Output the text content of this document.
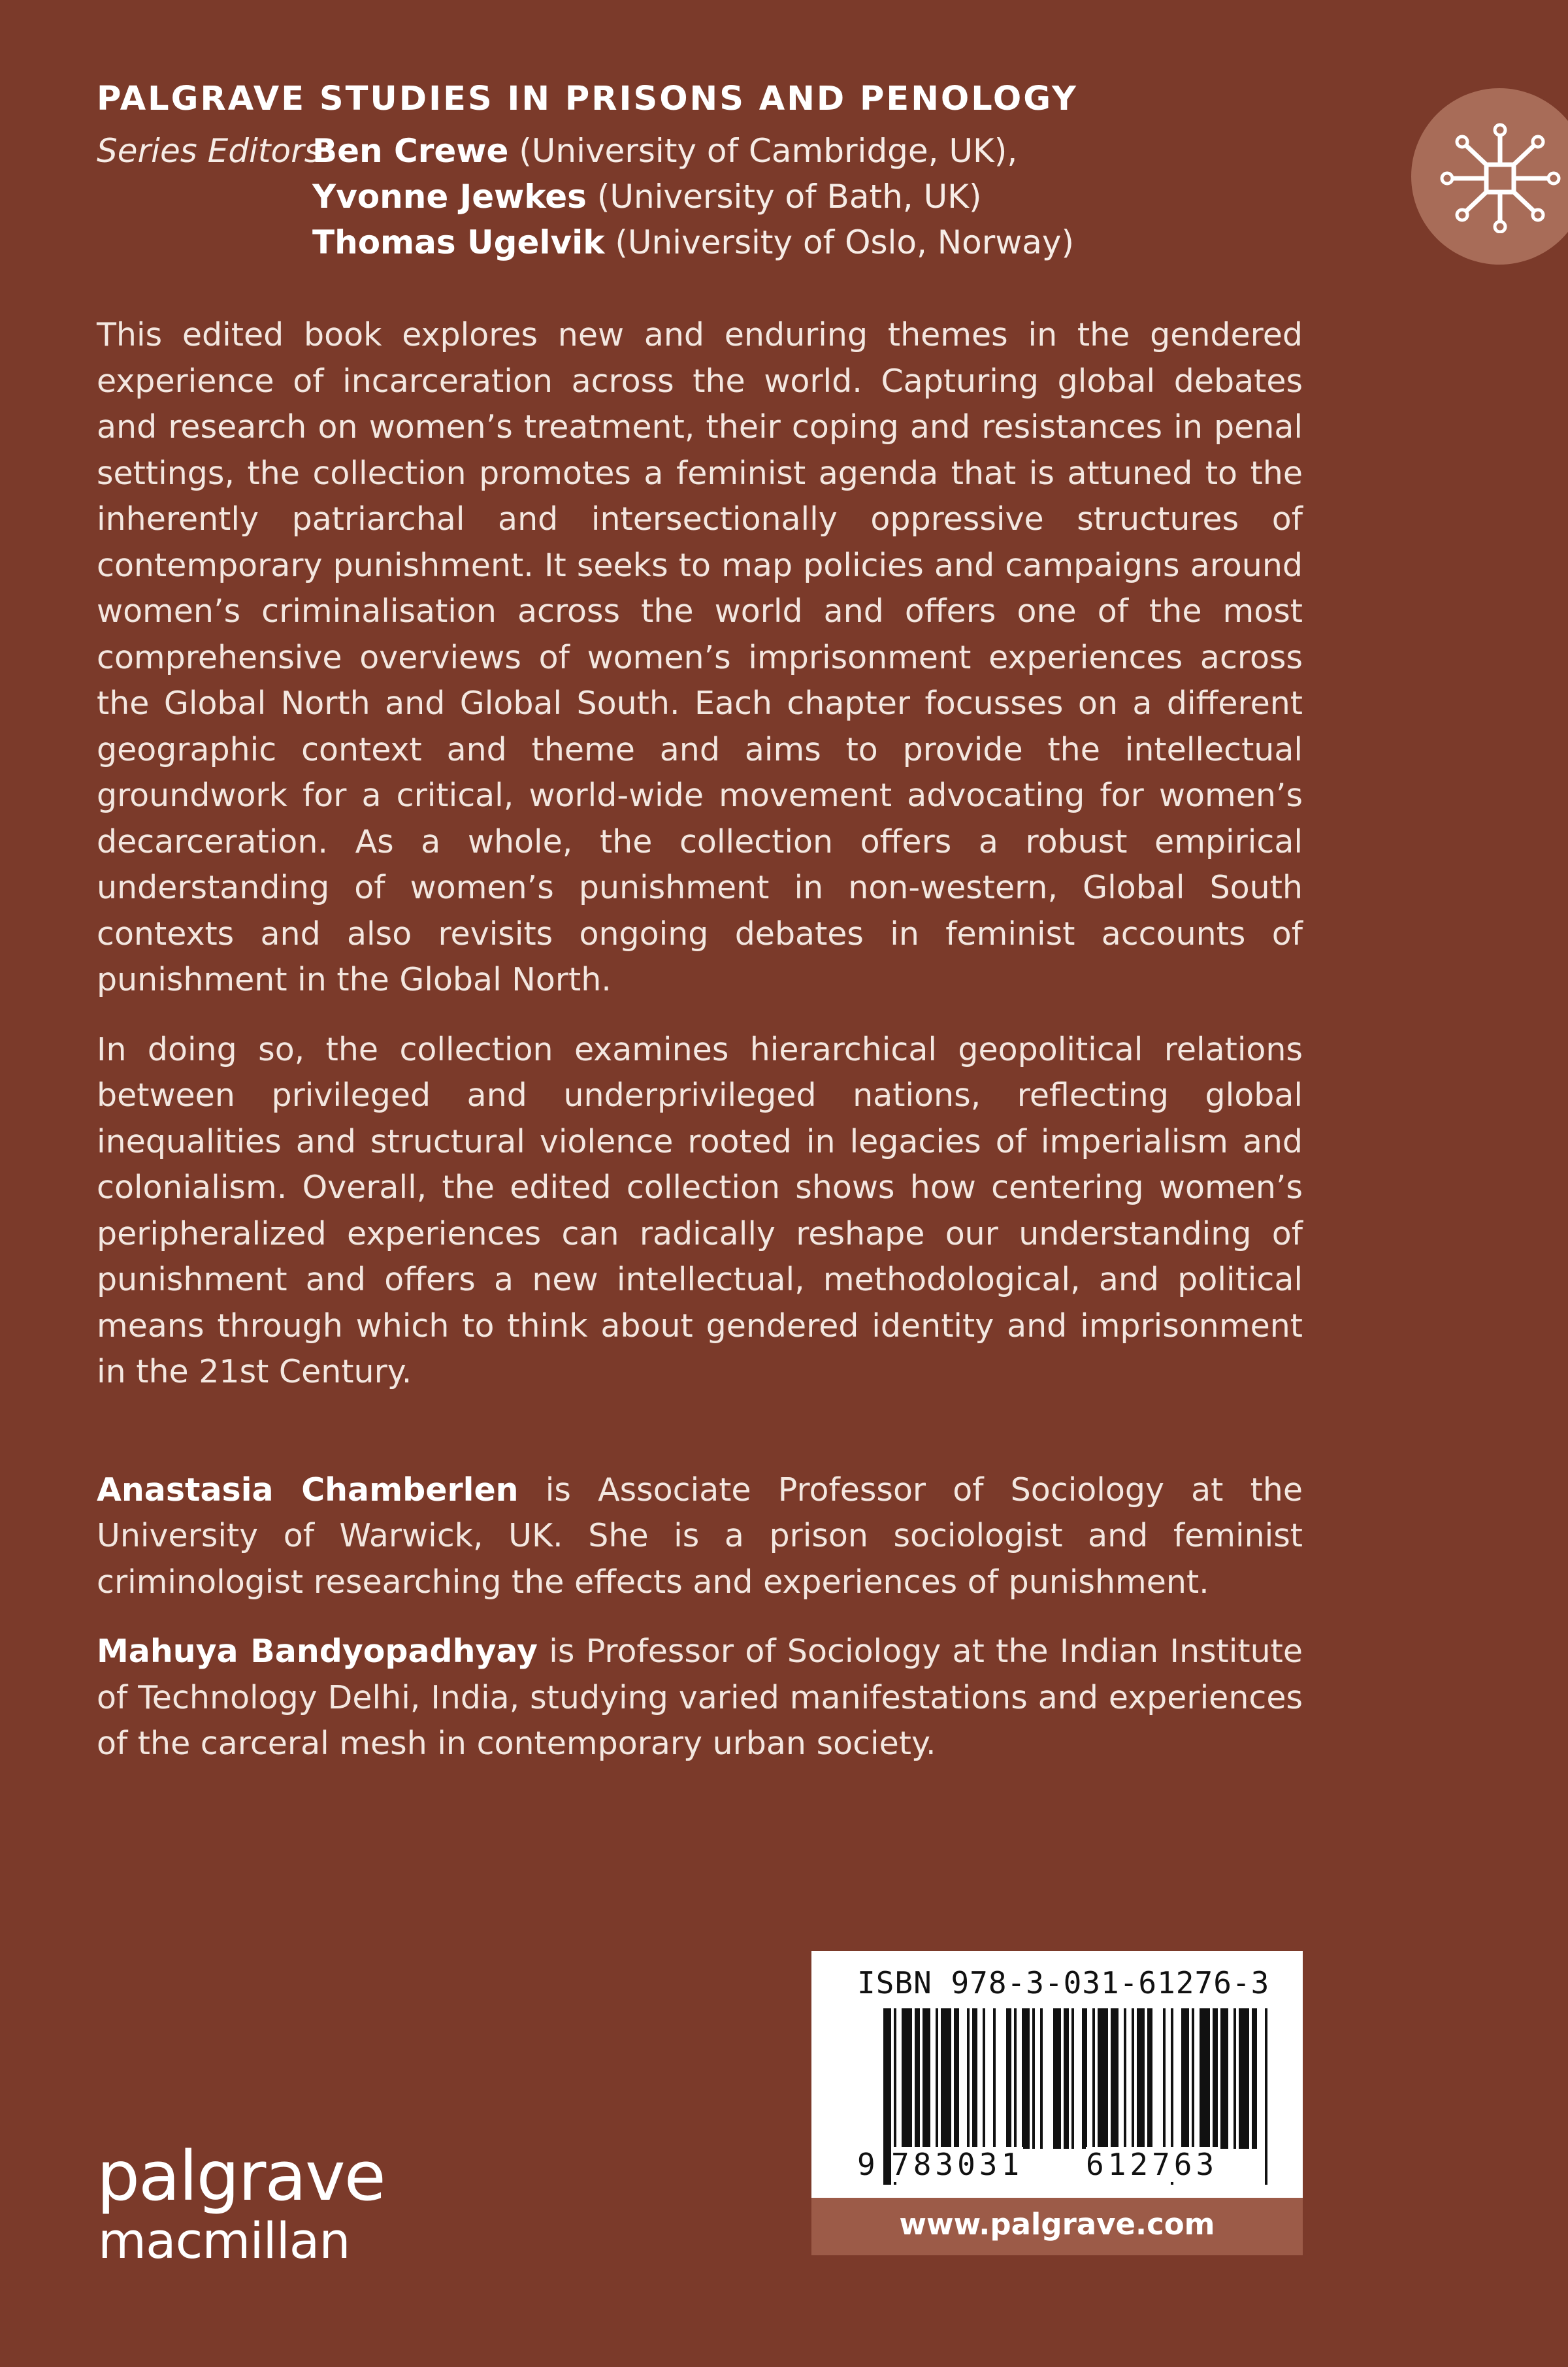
PALGRAVE STUDIES IN PRISONS AND PENOLOGY
Series Editors:Ben Crewe (University of Cambridge, UK),
Yvonne Jewkes (University of Bath, UK)
Thomas Ugelvik (University of Oslo, Norway)

This edited book explores new and enduring themes in the gendered experience of incarceration across the world. Capturing global debates and research on women’s treatment, their coping and resistances in penal settings, the collection promotes a feminist agenda that is attuned to the inherently patriarchal and intersectionally oppressive structures of contemporary punishment. It seeks to map policies and campaigns around women’s criminalisation across the world and offers one of the most comprehensive overviews of women’s imprisonment experiences across the Global North and Global South. Each chapter focusses on a different geographic context and theme and aims to provide the intellectual groundwork for a critical, world-wide movement advocating for women’s decarceration. As a whole, the collection offers a robust empirical understanding of women’s punishment in non-western, Global South contexts and also revisits ongoing debates in feminist accounts of punishment in the Global North.

In doing so, the collection examines hierarchical geopolitical relations between privileged and underprivileged nations, reflecting global inequalities and structural violence rooted in legacies of imperialism and colonialism. Overall, the edited collection shows how centering women’s peripheralized experiences can radically reshape our understanding of punishment and offers a new intellectual, methodological, and political means through which to think about gendered identity and imprisonment in the 21st Century.

Anastasia Chamberlen is Associate Professor of Sociology at the University of Warwick, UK. She is a prison sociologist and feminist criminologist researching the effects and experiences of punishment.

Mahuya Bandyopadhyay is Professor of Sociology at the Indian Institute of Technology Delhi, India, studying varied manifestations and experiences of the carceral mesh in contemporary urban society.

ISBN 978-3-031-61276-3
9 783031 612763
www.palgrave.com
palgrave
macmillan
